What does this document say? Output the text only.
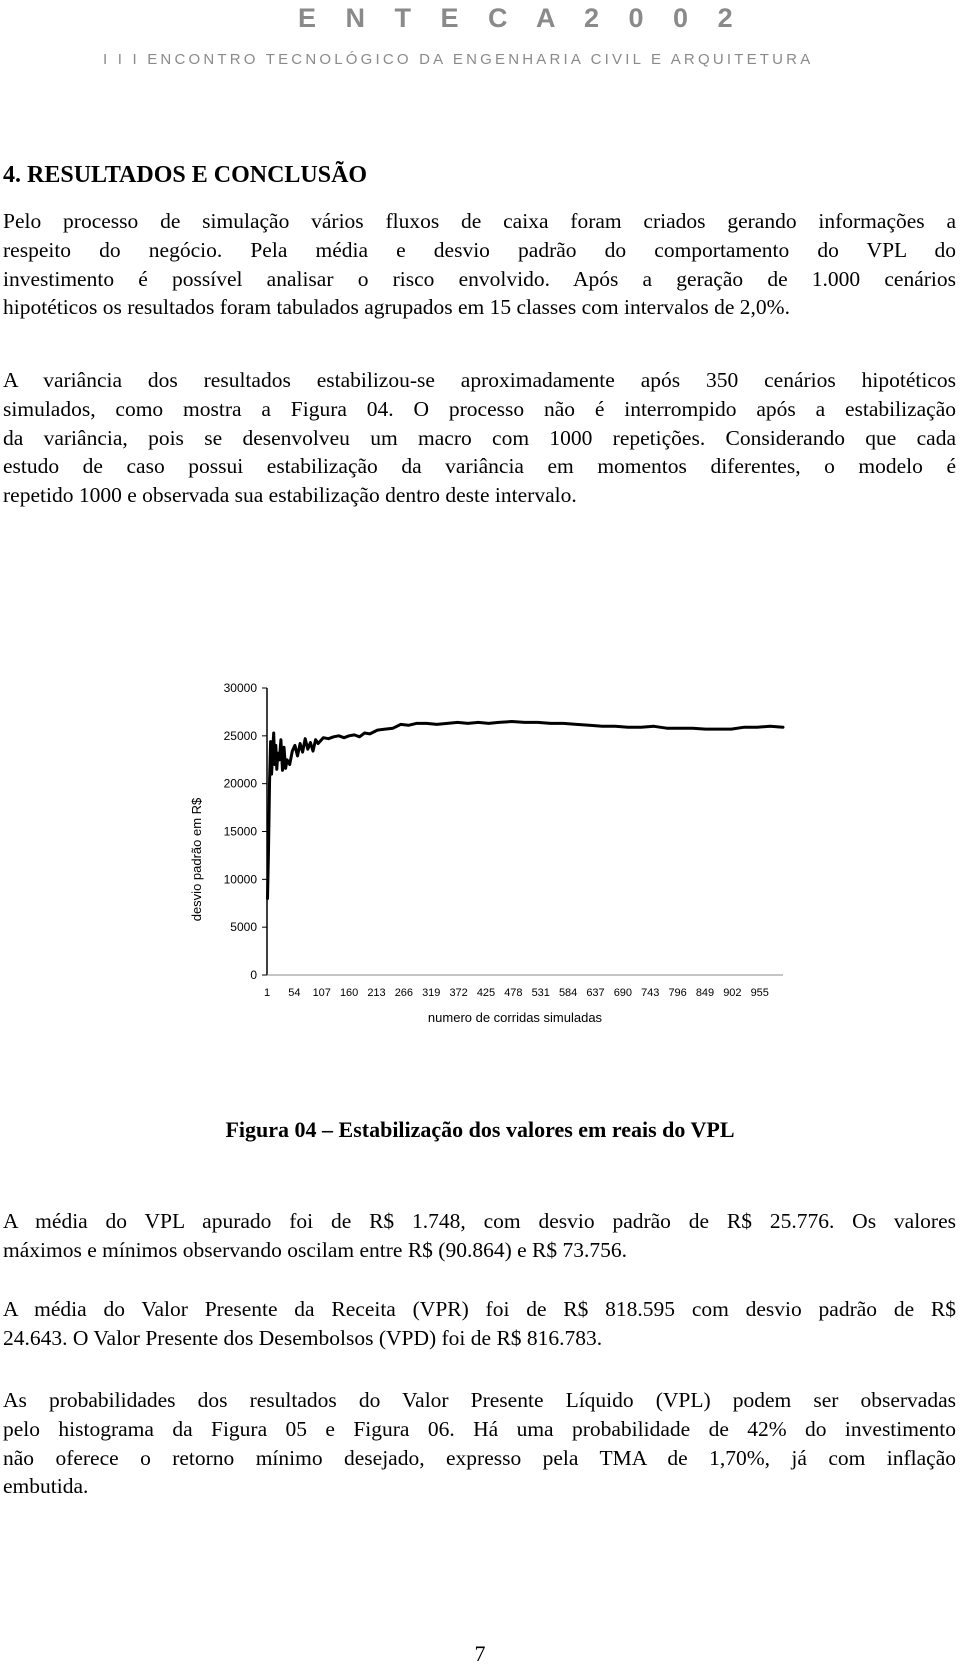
E N T E C A 2 0 0 2
I I I ENCONTRO TECNOLÓGICO DA ENGENHARIA CIVIL E ARQUITETURA
4. RESULTADOS E CONCLUSÃO
Pelo processo de simulação vários fluxos de caixa foram criados gerando informações a
respeito do negócio. Pela média e desvio padrão do comportamento do VPL do
investimento é possível analisar o risco envolvido. Após a geração de 1.000 cenários
hipotéticos os resultados foram tabulados agrupados em 15 classes com intervalos de 2,0%.
A variância dos resultados estabilizou-se aproximadamente após 350 cenários hipotéticos
simulados, como mostra a Figura 04. O processo não é interrompido após a estabilização
da variância, pois se desenvolveu um macro com 1000 repetições. Considerando que cada
estudo de caso possui estabilização da variância em momentos diferentes, o modelo é
repetido 1000 e observada sua estabilização dentro deste intervalo.
0
5000
10000
15000
20000
25000
30000
1 54 107 160 213 266 319 372 425 478 531 584 637 690 743 796 849 902 955
numero de corridas simuladas
desvio padrão em R$
Figura 04 – Estabilização dos valores em reais do VPL
A média do VPL apurado foi de R$ 1.748, com desvio padrão de R$ 25.776. Os valores
máximos e mínimos observando oscilam entre R$ (90.864) e R$ 73.756.
A média do Valor Presente da Receita (VPR) foi de R$ 818.595 com desvio padrão de R$
24.643. O Valor Presente dos Desembolsos (VPD) foi de R$ 816.783.
As probabilidades dos resultados do Valor Presente Líquido (VPL) podem ser observadas
pelo histograma da Figura 05 e Figura 06. Há uma probabilidade de 42% do investimento
não oferece o retorno mínimo desejado, expresso pela TMA de 1,70%, já com inflação
embutida.
7
